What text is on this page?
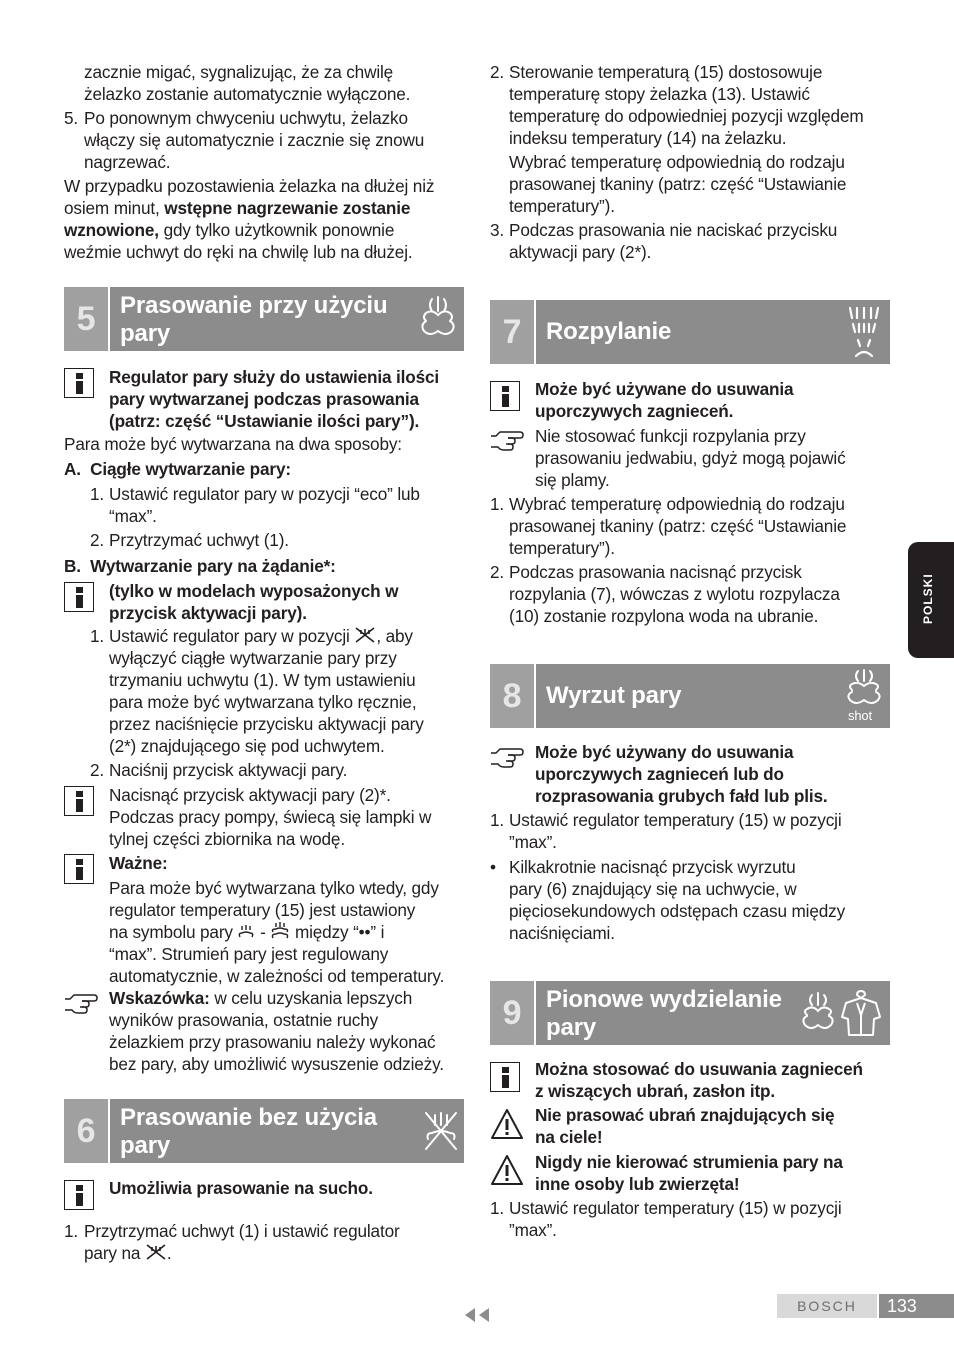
zacznie migać, sygnalizując, że za chwilę

żelazko zostanie automatycznie wyłączone.

5. Po ponownym chwyceniu uchwytu, żelazko

włączy się automatycznie i zacznie się znowu

nagrzewać.

W przypadku pozostawienia żelazka na dłużej niż

osiem minut, wstępne nagrzewanie zostanie

wznowione, gdy tylko użytkownik ponownie

weźmie uchwyt do ręki na chwilę lub na dłużej.

5	Prasowanie przy użyciu
pary

Regulator pary służy do ustawienia ilości

pary wytwarzanej podczas prasowania

(patrz: część “Ustawianie ilości pary”).

Para może być wytwarzana na dwa sposoby:

A.  Ciągłe wytwarzanie pary:

1. Ustawić regulator pary w pozycji “eco” lub

“max”.

2. Przytrzymać uchwyt (1).

B.  Wytwarzanie pary na żądanie*:

(tylko w modelach wyposażonych w

przycisk aktywacji pary).

1. Ustawić regulator pary w pozycji , aby

wyłączyć ciągłe wytwarzanie pary przy

trzymaniu uchwytu (1). W tym ustawieniu

para może być wytwarzana tylko ręcznie,

przez naciśnięcie przycisku aktywacji pary

(2*) znajdującego się pod uchwytem.

2. Naciśnij przycisk aktywacji pary.

Nacisnąć przycisk aktywacji pary (2)*.

Podczas pracy pompy, świecą się lampki w

tylnej części zbiornika na wodę.

Ważne:

Para może być wytwarzana tylko wtedy, gdy

regulator temperatury (15) jest ustawiony

na symbolu pary  -  między “••” i

“max”. Strumień pary jest regulowany

automatycznie, w zależności od temperatury.

Wskazówka: w celu uzyskania lepszych

wyników prasowania, ostatnie ruchy

żelazkiem przy prasowaniu należy wykonać

bez pary, aby umożliwić wysuszenie odzieży.

6	Prasowanie bez użycia
pary

Umożliwia prasowanie na sucho.

1. Przytrzymać uchwyt (1) i ustawić regulator

pary na .

2. Sterowanie temperaturą (15) dostosowuje

temperaturę stopy żelazka (13). Ustawić

temperaturę do odpowiedniej pozycji względem

indeksu temperatury (14) na żelazku.

Wybrać temperaturę odpowiednią do rodzaju

prasowanej tkaniny (patrz: część “Ustawianie

temperatury”).

3. Podczas prasowania nie naciskać przycisku

aktywacji pary (2*).

7	Rozpylanie

Może być używane do usuwania

uporczywych zagnieceń.

Nie stosować funkcji rozpylania przy

prasowaniu jedwabiu, gdyż mogą pojawić

się plamy.

1. Wybrać temperaturę odpowiednią do rodzaju

prasowanej tkaniny (patrz: część “Ustawianie

temperatury”).

2. Podczas prasowania nacisnąć przycisk

rozpylania (7), wówczas z wylotu rozpylacza

(10) zostanie rozpylona woda na ubranie.

8	Wyrzut pary
shot

Może być używany do usuwania

uporczywych zagnieceń lub do

rozprasowania grubych fałd lub plis.

1. Ustawić regulator temperatury (15) w pozycji

”max”.

• Kilkakrotnie nacisnąć przycisk wyrzutu

pary (6) znajdujący się na uchwycie, w

pięciosekundowych odstępach czasu między

naciśnięciami.

9	Pionowe wydzielanie
pary

Można stosować do usuwania zagnieceń

z wiszących ubrań, zasłon itp.

Nie prasować ubrań znajdujących się

na ciele!

Nigdy nie kierować strumienia pary na

inne osoby lub zwierzęta!

1. Ustawić regulator temperatury (15) w pozycji

”max”.

POLSKI
BOSCH	133
